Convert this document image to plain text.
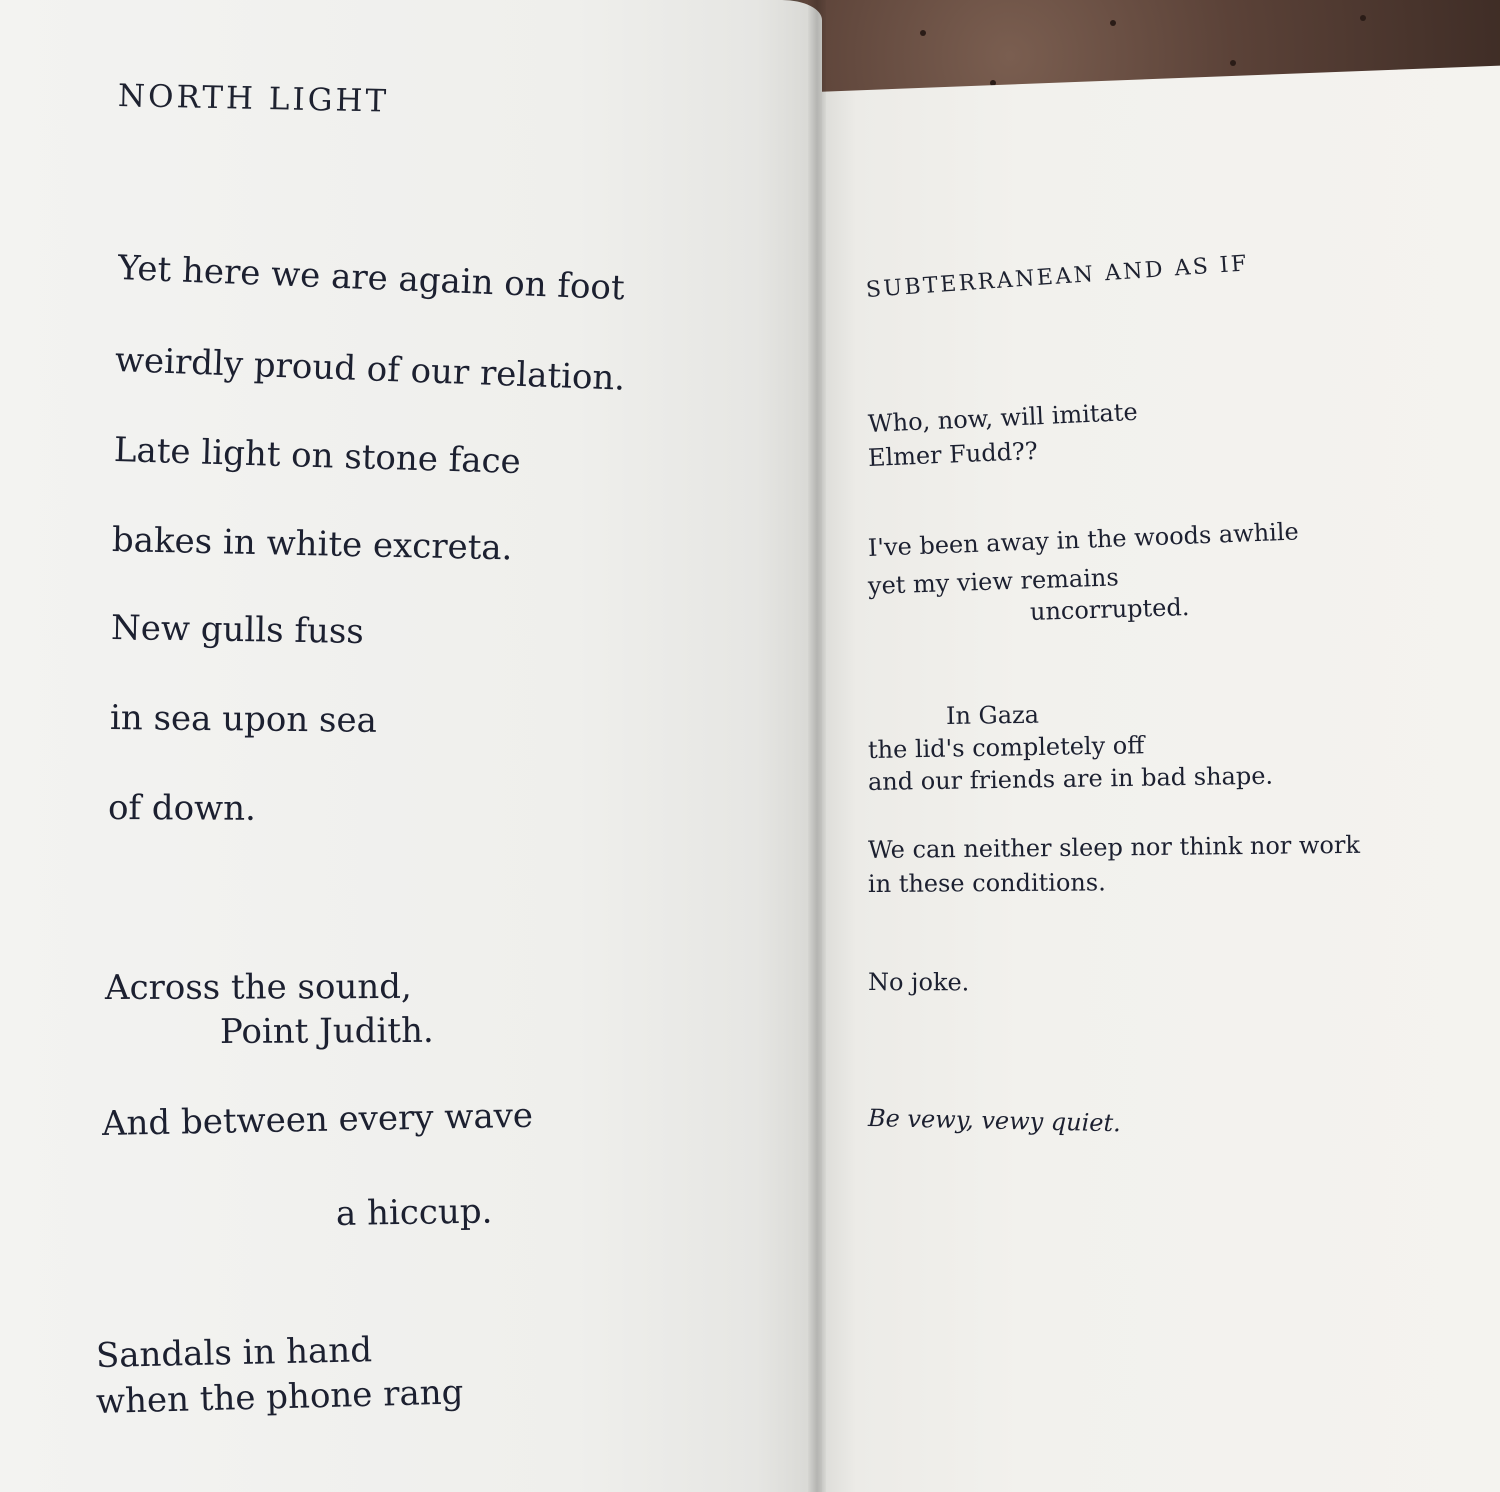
NORTH LIGHT
Yet here we are again on foot
weirdly proud of our relation.
Late light on stone face
bakes in white excreta.
New gulls fuss
in sea upon sea
of down.
Across the sound,
Point Judith.
And between every wave
a hiccup.
Sandals in hand
when the phone rang
SUBTERRANEAN AND AS IF
Who, now, will imitate
Elmer Fudd??
I've been away in the woods awhile
yet my view remains
uncorrupted.
In Gaza
the lid's completely off
and our friends are in bad shape.
We can neither sleep nor think nor work
in these conditions.
No joke.
Be vewy, vewy quiet.
